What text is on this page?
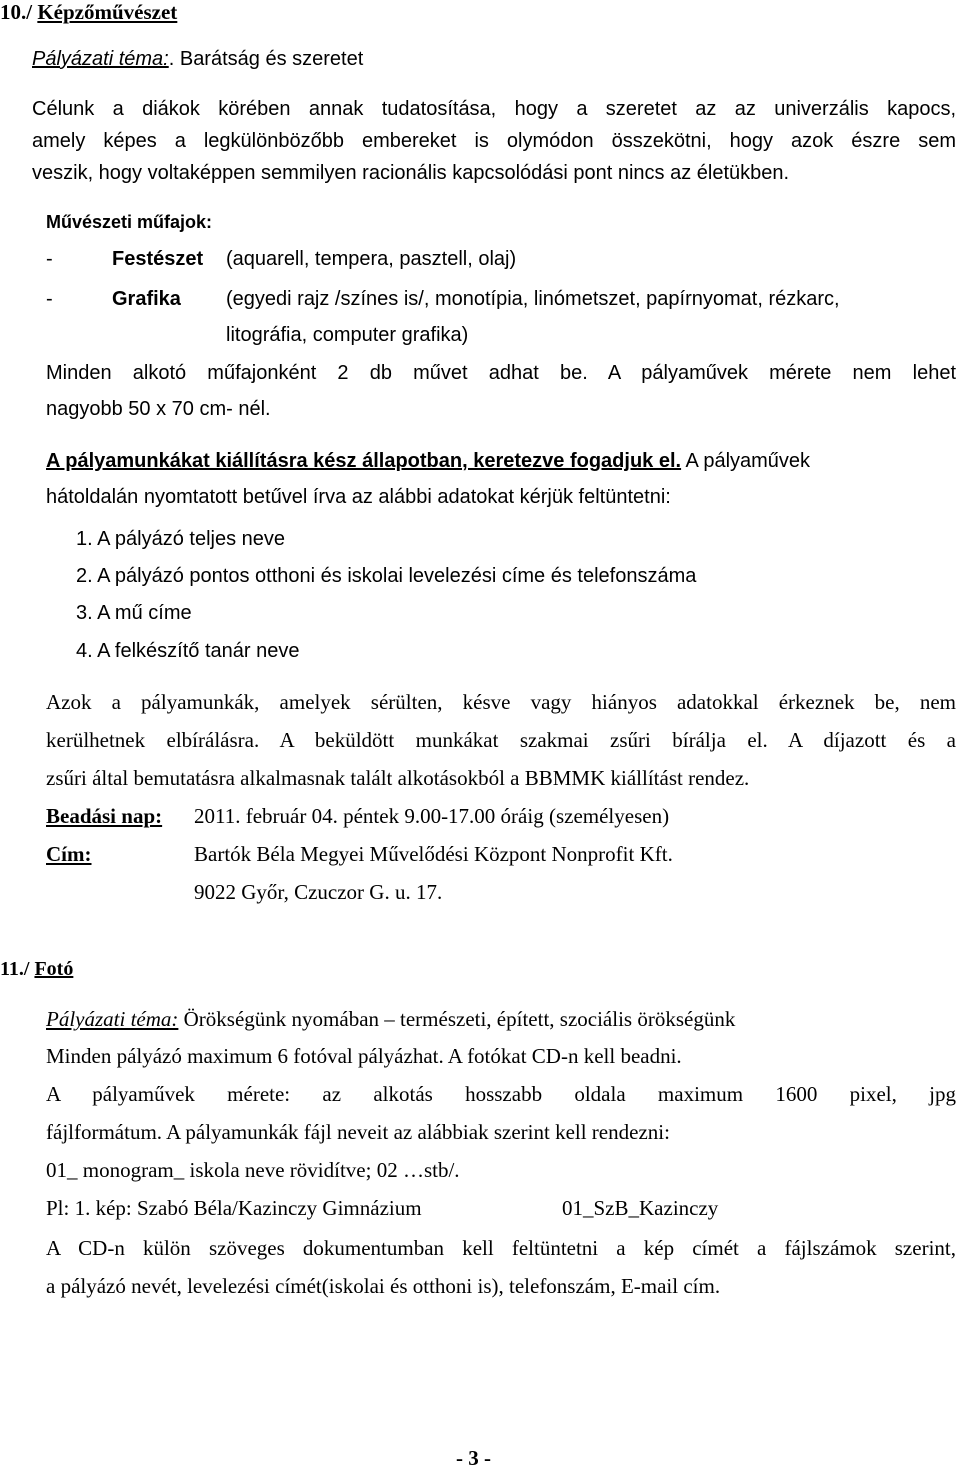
10./ Képzőművészet
Pályázati téma:. Barátság és szeretet
Célunk a diákok körében annak tudatosítása, hogy a szeretet az az univerzális kapocs,
amely képes a legkülönbözőbb embereket is olymódon összekötni, hogy azok észre sem
veszik, hogy voltaképpen semmilyen racionális kapcsolódási pont nincs az életükben.
Művészeti műfajok:
-	Festészet (aquarell, tempera, pasztell, olaj)
-	Grafika (egyedi rajz /színes is/, monotípia, linómetszet, papírnyomat, rézkarc,
litográfia, computer grafika)
Minden alkotó műfajonként 2 db művet adhat be. A pályaművek mérete nem lehet
nagyobb 50 x 70 cm- nél.
A pályamunkákat kiállításra kész állapotban, keretezve fogadjuk el. A pályaművek
hátoldalán nyomtatott betűvel írva az alábbi adatokat kérjük feltüntetni:
1. A pályázó teljes neve
2. A pályázó pontos otthoni és iskolai levelezési címe és telefonszáma
3. A mű címe
4. A felkészítő tanár neve
Azok a pályamunkák, amelyek sérülten, késve vagy hiányos adatokkal érkeznek be, nem
kerülhetnek elbírálásra. A beküldött munkákat szakmai zsűri bírálja el. A díjazott és a
zsűri által bemutatásra alkalmasnak talált alkotásokból a BBMMK kiállítást rendez.
Beadási nap: 2011. február 04. péntek 9.00-17.00 óráig (személyesen)
Cím:	Bartók Béla Megyei Művelődési Központ Nonprofit Kft.
9022 Győr, Czuczor G. u. 17.
11./ Fotó
Pályázati téma: Örökségünk nyomában – természeti, épített, szociális örökségünk
Minden pályázó maximum 6 fotóval pályázhat. A fotókat CD-n kell beadni.
A pályaművek mérete: az alkotás hosszabb oldala maximum 1600 pixel, jpg
fájlformátum. A pályamunkák fájl neveit az alábbiak szerint kell rendezni:
01_ monogram_ iskola neve rövidítve; 02 …stb/.
Pl: 1. kép: Szabó Béla/Kazinczy Gimnázium	01_SzB_Kazinczy
A CD-n külön szöveges dokumentumban kell feltüntetni a kép címét a fájlszámok szerint,
a pályázó nevét, levelezési címét(iskolai és otthoni is), telefonszám, E-mail cím.
- 3 -
